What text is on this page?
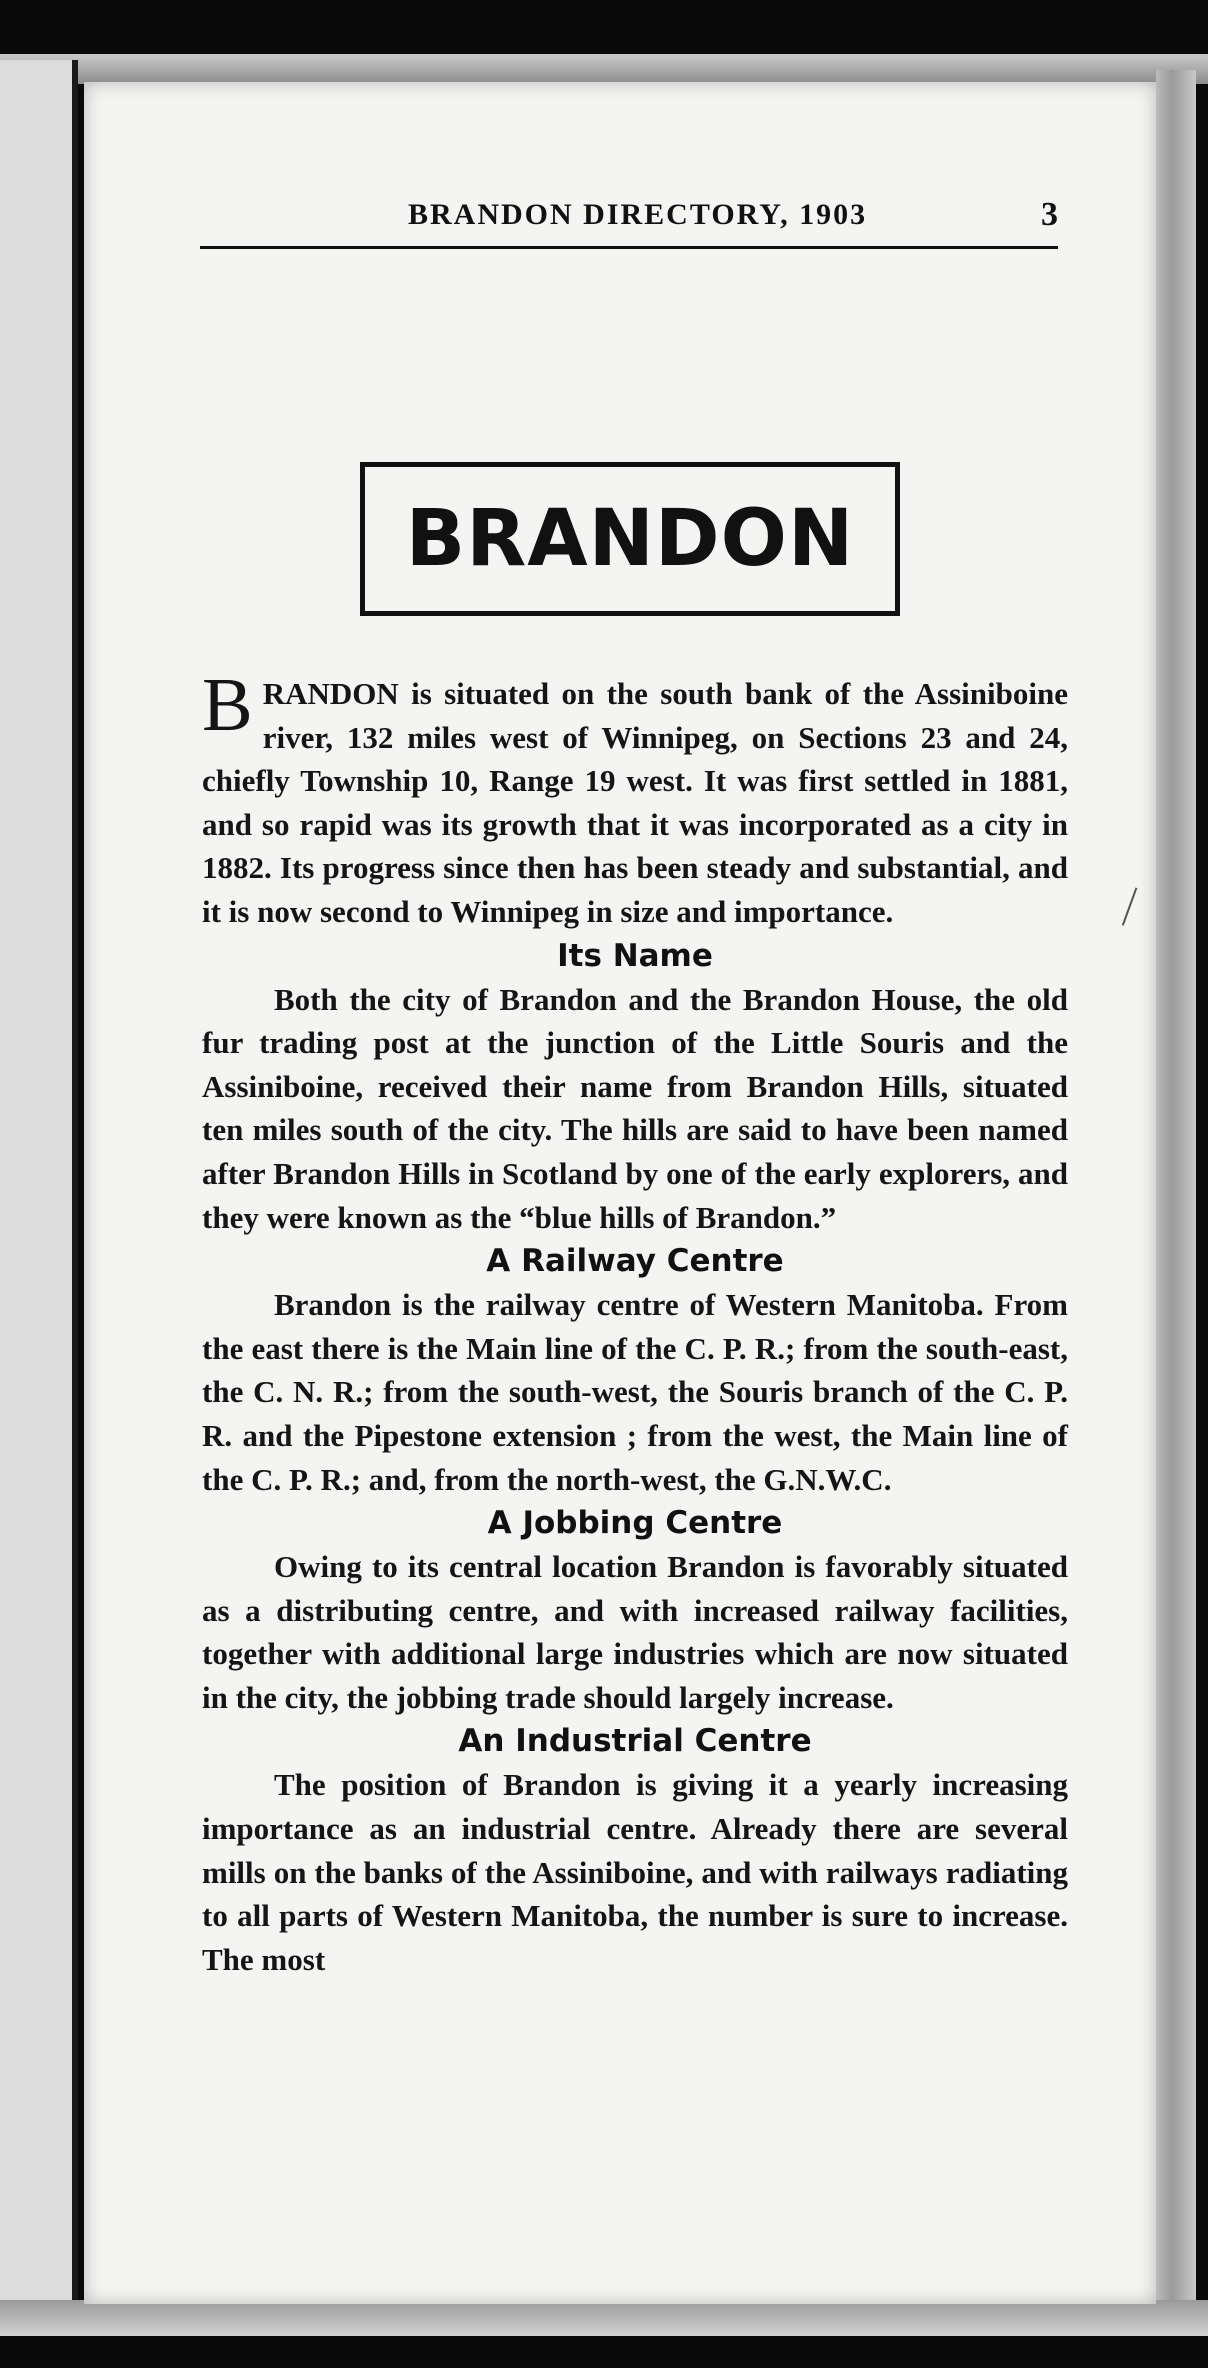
BRANDON DIRECTORY, 1903	3
BRANDON

BRANDON is situated on the south bank of the Assiniboine river, 132 miles west of Winnipeg, on Sections 23 and 24, chiefly Township 10, Range 19 west. It was first settled in 1881, and so rapid was its growth that it was incorporated as a city in 1882. Its progress since then has been steady and substantial, and it is now second to Winnipeg in size and importance.

Its Name

Both the city of Brandon and the Brandon House, the old fur trading post at the junction of the Little Souris and the Assiniboine, received their name from Brandon Hills, situated ten miles south of the city. The hills are said to have been named after Brandon Hills in Scotland by one of the early explorers, and they were known as the “blue hills of Brandon.”

A Railway Centre

Brandon is the railway centre of Western Manitoba. From the east there is the Main line of the C. P. R.; from the south-east, the C. N. R.; from the south-west, the Souris branch of the C. P. R. and the Pipestone extension ; from the west, the Main line of the C. P. R.; and, from the north-west, the G.N.W.C.

A Jobbing Centre

Owing to its central location Brandon is favorably situated as a distributing centre, and with increased railway facilities, together with additional large industries which are now situated in the city, the jobbing trade should largely increase.

An Industrial Centre

The position of Brandon is giving it a yearly increasing importance as an industrial centre. Already there are several mills on the banks of the Assiniboine, and with railways radiating to all parts of Western Manitoba, the number is sure to increase. The most
